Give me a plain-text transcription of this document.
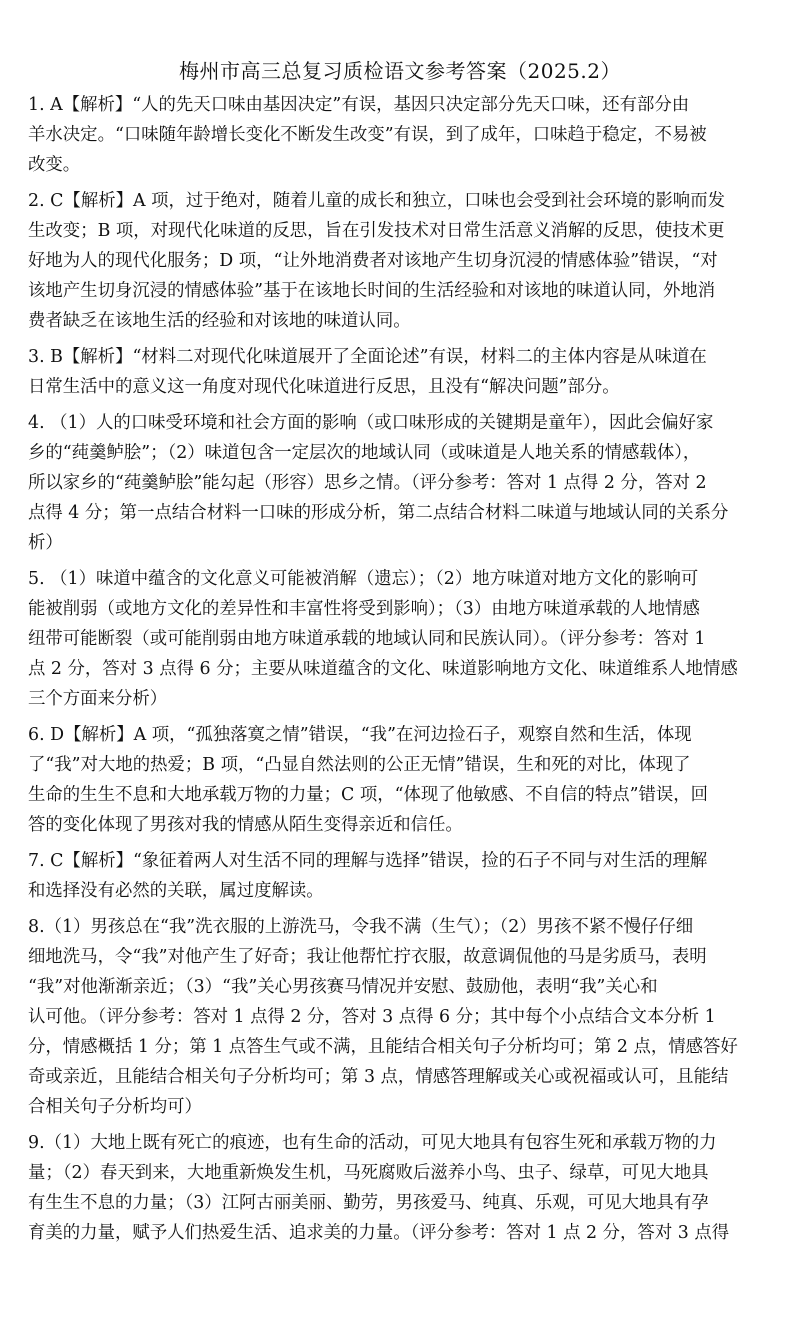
梅州市高三总复习质检语文参考答案（2025.2）
1. A【解析】“人的先天口味由基因决定”有误，基因只决定部分先天口味，还有部分由
羊水决定。“口味随年龄增长变化不断发生改变”有误，到了成年，口味趋于稳定，不易被
改变。
2. C【解析】A 项，过于绝对，随着儿童的成长和独立，口味也会受到社会环境的影响而发
生改变；B 项，对现代化味道的反思，旨在引发技术对日常生活意义消解的反思，使技术更
好地为人的现代化服务；D 项，“让外地消费者对该地产生切身沉浸的情感体验”错误，“对
该地产生切身沉浸的情感体验”基于在该地长时间的生活经验和对该地的味道认同，外地消
费者缺乏在该地生活的经验和对该地的味道认同。
3. B【解析】“材料二对现代化味道展开了全面论述”有误，材料二的主体内容是从味道在
日常生活中的意义这一角度对现代化味道进行反思，且没有“解决问题”部分。
4. （1）人的口味受环境和社会方面的影响（或口味形成的关键期是童年），因此会偏好家
乡的“莼羹鲈脍”；（2）味道包含一定层次的地域认同（或味道是人地关系的情感载体），
所以家乡的“莼羹鲈脍”能勾起（形容）思乡之情。（评分参考：答对 1 点得 2 分，答对 2
点得 4 分；第一点结合材料一口味的形成分析，第二点结合材料二味道与地域认同的关系分
析）
5. （1）味道中蕴含的文化意义可能被消解（遗忘）；（2）地方味道对地方文化的影响可
能被削弱（或地方文化的差异性和丰富性将受到影响）；（3）由地方味道承载的人地情感
纽带可能断裂（或可能削弱由地方味道承载的地域认同和民族认同）。（评分参考：答对 1
点 2 分，答对 3 点得 6 分；主要从味道蕴含的文化、味道影响地方文化、味道维系人地情感
三个方面来分析）
6. D【解析】A 项，“孤独落寞之情”错误，“我”在河边捡石子，观察自然和生活，体现
了“我”对大地的热爱；B 项，“凸显自然法则的公正无情”错误，生和死的对比，体现了
生命的生生不息和大地承载万物的力量；C 项，“体现了他敏感、不自信的特点”错误，回
答的变化体现了男孩对我的情感从陌生变得亲近和信任。
7. C【解析】“象征着两人对生活不同的理解与选择”错误，捡的石子不同与对生活的理解
和选择没有必然的关联，属过度解读。
8.（1）男孩总在“我”洗衣服的上游洗马，令我不满（生气）；（2）男孩不紧不慢仔仔细
细地洗马，令“我”对他产生了好奇；我让他帮忙拧衣服，故意调侃他的马是劣质马，表明
“我”对他渐渐亲近；（3）“我”关心男孩赛马情况并安慰、鼓励他，表明“我”关心和
认可他。（评分参考：答对 1 点得 2 分，答对 3 点得 6 分；其中每个小点结合文本分析 1
分，情感概括 1 分；第 1 点答生气或不满，且能结合相关句子分析均可；第 2 点，情感答好
奇或亲近，且能结合相关句子分析均可；第 3 点，情感答理解或关心或祝福或认可，且能结
合相关句子分析均可）
9.（1）大地上既有死亡的痕迹，也有生命的活动，可见大地具有包容生死和承载万物的力
量；（2）春天到来，大地重新焕发生机，马死腐败后滋养小鸟、虫子、绿草，可见大地具
有生生不息的力量；（3）江阿古丽美丽、勤劳，男孩爱马、纯真、乐观，可见大地具有孕
育美的力量，赋予人们热爱生活、追求美的力量。（评分参考：答对 1 点 2 分，答对 3 点得
